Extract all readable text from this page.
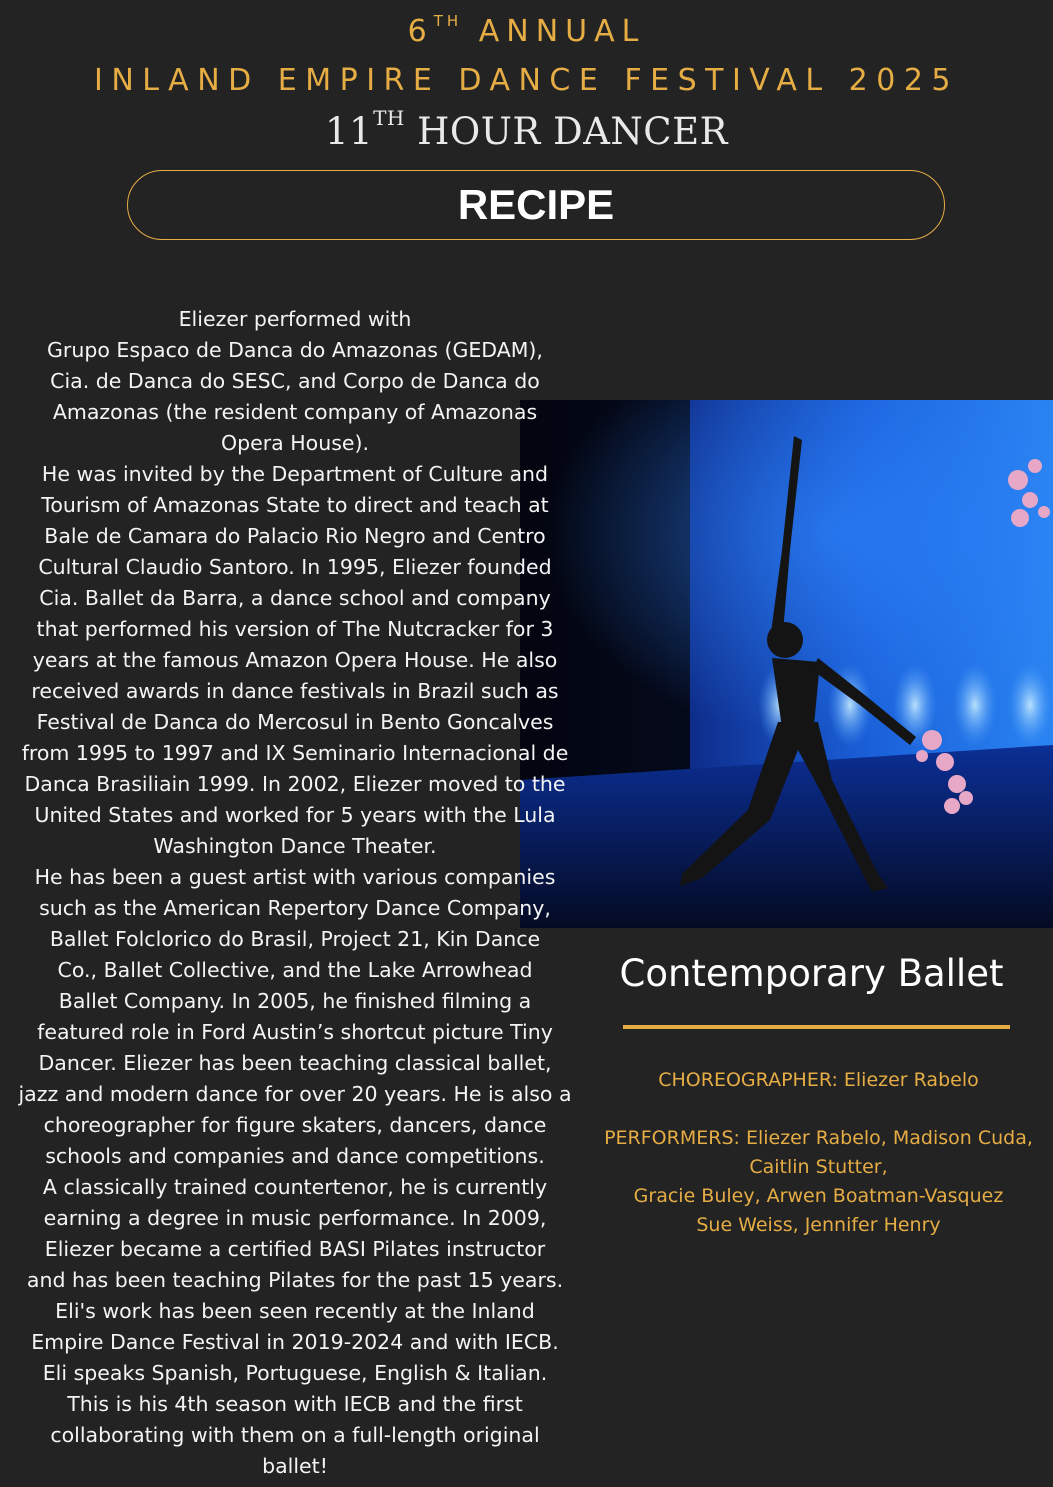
6TH ANNUAL
INLAND EMPIRE DANCE FESTIVAL 2025
11TH HOUR DANCER
RECIPE

Eliezer performed with

Grupo Espaco de Danca do Amazonas (GEDAM),

Cia. de Danca do SESC, and Corpo de Danca do

Amazonas (the resident company of Amazonas

Opera House).

He was invited by the Department of Culture and

Tourism of Amazonas State to direct and teach at

Bale de Camara do Palacio Rio Negro and Centro

Cultural Claudio Santoro. In 1995, Eliezer founded

Cia. Ballet da Barra, a dance school and company

that performed his version of The Nutcracker for 3

years at the famous Amazon Opera House. He also

received awards in dance festivals in Brazil such as

Festival de Danca do Mercosul in Bento Goncalves

from 1995 to 1997 and IX Seminario Internacional de

Danca Brasiliain 1999. In 2002, Eliezer moved to the

United States and worked for 5 years with the Lula

Washington Dance Theater.

He has been a guest artist with various companies

such as the American Repertory Dance Company,

Ballet Folclorico do Brasil, Project 21, Kin Dance

Co., Ballet Collective, and the Lake Arrowhead

Ballet Company. In 2005, he finished filming a

featured role in Ford Austin’s shortcut picture Tiny

Dancer. Eliezer has been teaching classical ballet,

jazz and modern dance for over 20 years. He is also a

choreographer for figure skaters, dancers, dance

schools and companies and dance competitions.

A classically trained countertenor, he is currently

earning a degree in music performance. In 2009,

Eliezer became a certified BASI Pilates instructor

and has been teaching Pilates for the past 15 years.

Eli's work has been seen recently at the Inland

Empire Dance Festival in 2019-2024 and with IECB.

Eli speaks Spanish, Portuguese, English & Italian.

This is his 4th season with IECB and the first

collaborating with them on a full-length original

ballet!

Contemporary Ballet
CHOREOGRAPHER: Eliezer Rabelo
PERFORMERS: Eliezer Rabelo, Madison Cuda,
Caitlin Stutter,
Gracie Buley, Arwen Boatman-Vasquez
Sue Weiss, Jennifer Henry
